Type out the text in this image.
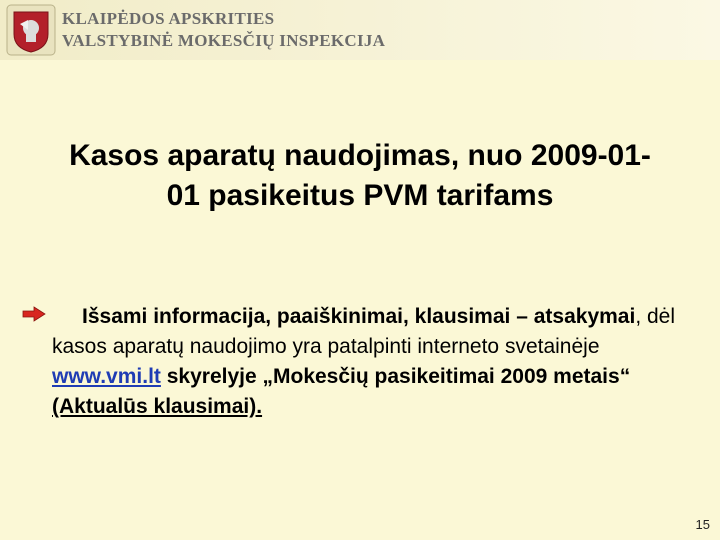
KLAIPĖDOS APSKRITIES
VALSTYBINĖ MOKESČIŲ INSPEKCIJA
Kasos aparatų naudojimas, nuo 2009-01-
01 pasikeitus PVM tarifams
Išsami informacija, paaiškinimai, klausimai – atsakymai, dėl kasos aparatų naudojimo yra patalpinti interneto svetainėje www.vmi.lt skyrelyje „Mokesčių pasikeitimai 2009 metais“ (Aktualūs klausimai).
15
